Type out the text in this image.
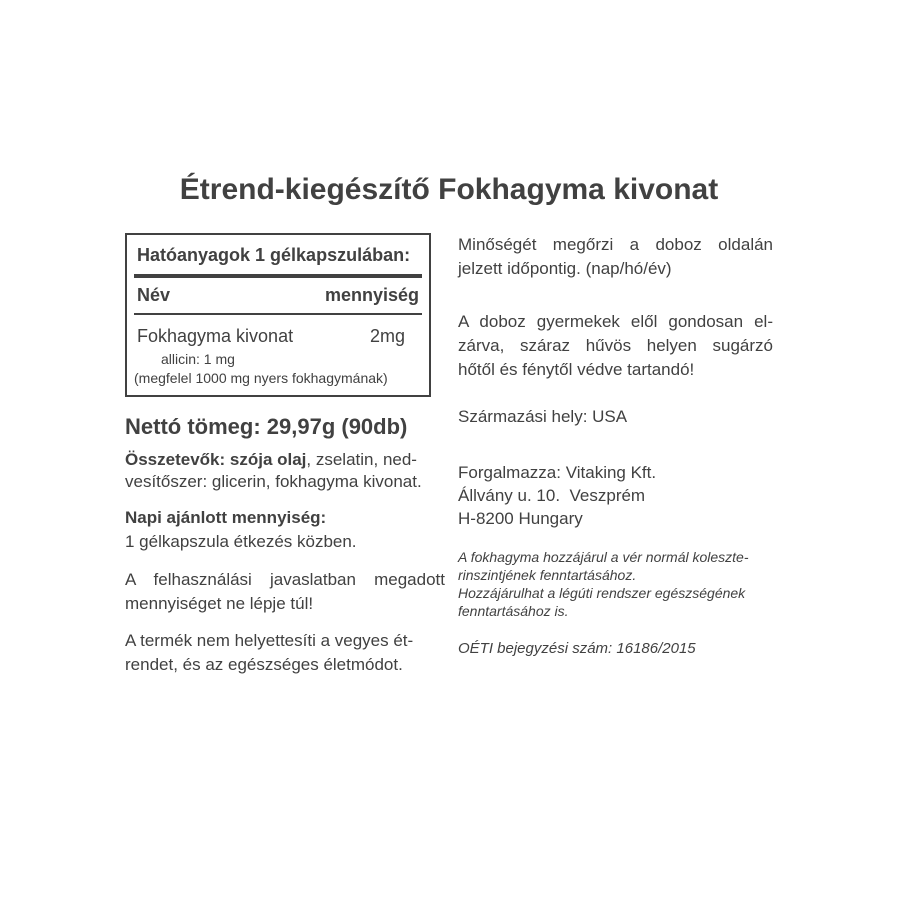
Étrend-kiegészítő Fokhagyma kivonat
Hatóanyagok 1 gélkapszulában:
Név	mennyiség
Fokhagyma kivonat	2mg
allicin: 1 mg
(megfelel 1000 mg nyers fokhagymának)
Nettó tömeg: 29,97g (90db)
Összetevők: szója olaj, zselatin, ned-
vesítőszer: glicerin, fokhagyma kivonat.
Napi ajánlott mennyiség:
1 gélkapszula étkezés közben.
A felhasználási javaslatban megadott
mennyiséget ne lépje túl!
A termék nem helyettesíti a vegyes ét-
rendet, és az egészséges életmódot.
Minőségét megőrzi a doboz oldalán
jelzett időpontig. (nap/hó/év)
A doboz gyermekek elől gondosan el-
zárva, száraz hűvös helyen sugárzó
hőtől és fénytől védve tartandó!
Származási hely: USA
Forgalmazza: Vitaking Kft.
Állvány u. 10.  Veszprém
H-8200 Hungary
A fokhagyma hozzájárul a vér normál koleszte-
rinszintjének fenntartásához.
Hozzájárulhat a légúti rendszer egészségének
fenntartásához is.
OÉTI bejegyzési szám: 16186/2015
